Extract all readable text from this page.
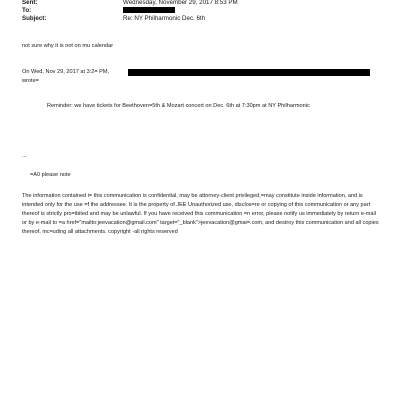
Sent:	Wednesday, November 29, 2017 8:53 PM
To:
Subject:	Re: NY Philharmonic Dec. 6th
not sure why it is not on mu calendar
On Wed, Nov 29, 2017 at 3:2= PM,
wrote=
Reminder: we have tickets for Beethoven=5th & Mozart concert on Dec. 6th at 7:30pm at NY Philharmonic
...
=A0 please note
The information contained i= this communication is confidential, may be attorney-client privileged,=may constitute inside information, and is intended only for the use =f the addressee. It is the property of JEE Unauthorized use, disclos=re or copying of this communication or any part thereof is strictly pro=ibited and may be unlawful. If you have received this communication =n error, please notify us immediately by return e-mail or by e-mail to =a href="mailto:jeevacation@gmail.com" target="_blank">jeevacation@gmai=.com, and destroy this communication and all copies thereof, inc=uding all attachments. copyright -all rights reserved
